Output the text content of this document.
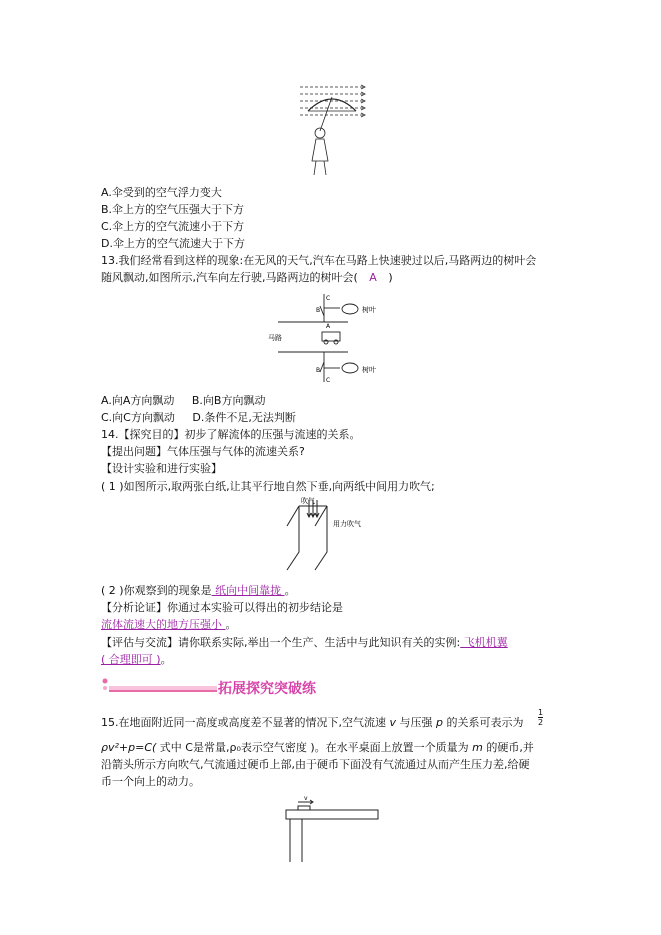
A.伞受到的空气浮力变大
B.伞上方的空气压强大于下方
C.伞上方的空气流速小于下方
D.伞上方的空气流速大于下方
13.我们经常看到这样的现象:在无风的天气,汽车在马路上快速驶过以后,马路两边的树叶会
随风飘动,如图所示,汽车向左行驶,马路两边的树叶会( A )
C
B
A
树叶
马路
B
C
树叶
A.向A方向飘动 B.向B方向飘动
C.向C方向飘动 D.条件不足,无法判断
14.【探究目的】初步了解流体的压强与流速的关系。
【提出问题】气体压强与气体的流速关系?
【设计实验和进行实验】
( 1 )如图所示,取两张白纸,让其平行地自然下垂,向两纸中间用力吹气;
吹气
用力吹气
( 2 )你观察到的现象是 纸向中间靠拢 。
【分析论证】你通过本实验可以得出的初步结论是
流体流速大的地方压强小 。
【评估与交流】请你联系实际,举出一个生产、生活中与此知识有关的实例: 飞机机翼
( 合理即可 )。
拓展探究突破练
15.在地面附近同一高度或高度差不显著的情况下,空气流速 v 与压强 p 的关系可表示为 $\frac{1}{2}$
ρv²+p=C( 式中 C是常量,ρ₀表示空气密度 )。在水平桌面上放置一个质量为 m 的硬币,并
沿箭头所示方向吹气,气流通过硬币上部,由于硬币下面没有气流通过从而产生压力差,给硬
币一个向上的动力。
v
